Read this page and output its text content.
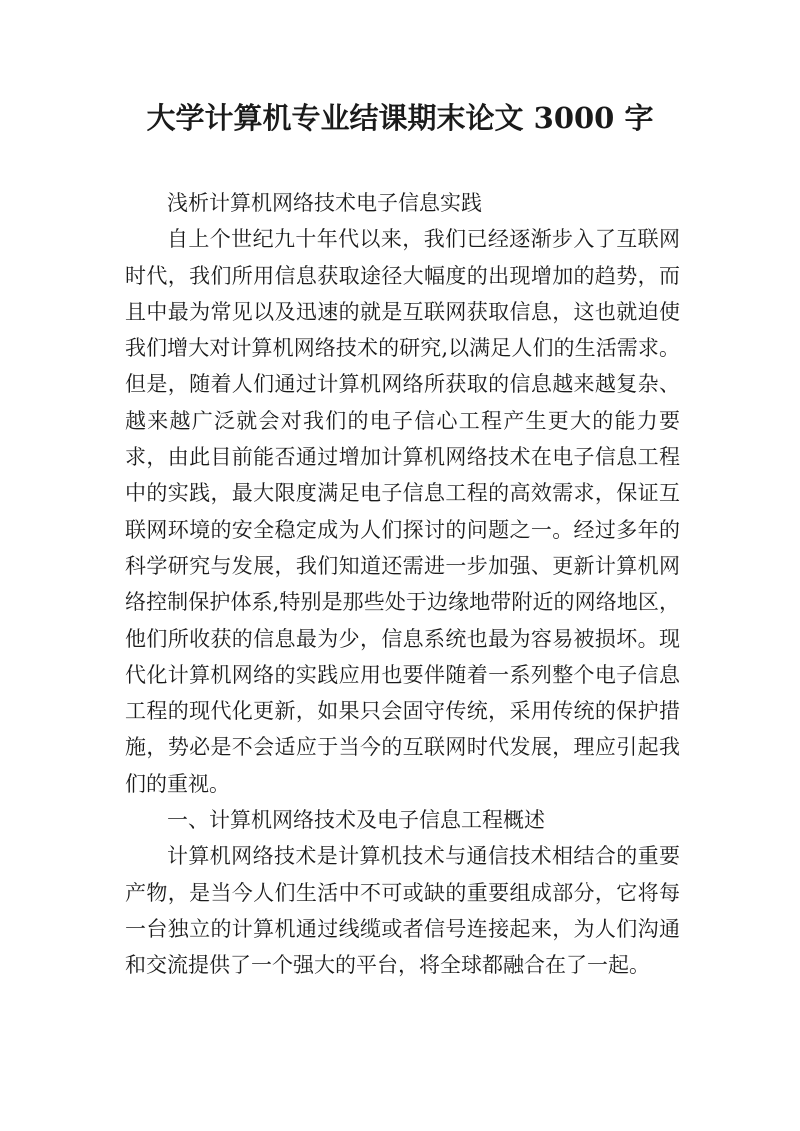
大学计算机专业结课期末论文 3000 字

浅析计算机网络技术电子信息实践

自上个世纪九十年代以来，我们已经逐渐步入了互联网时代，我们所用信息获取途径大幅度的出现增加的趋势，而且中最为常见以及迅速的就是互联网获取信息，这也就迫使我们增大对计算机网络技术的研究,以满足人们的生活需求。但是，随着人们通过计算机网络所获取的信息越来越复杂、越来越广泛就会对我们的电子信心工程产生更大的能力要求，由此目前能否通过增加计算机网络技术在电子信息工程中的实践，最大限度满足电子信息工程的高效需求，保证互联网环境的安全稳定成为人们探讨的问题之一。经过多年的科学研究与发展，我们知道还需进一步加强、更新计算机网络控制保护体系,特别是那些处于边缘地带附近的网络地区，他们所收获的信息最为少，信息系统也最为容易被损坏。现代化计算机网络的实践应用也要伴随着一系列整个电子信息工程的现代化更新，如果只会固守传统，采用传统的保护措施，势必是不会适应于当今的互联网时代发展，理应引起我们的重视。

一、计算机网络技术及电子信息工程概述

计算机网络技术是计算机技术与通信技术相结合的重要产物，是当今人们生活中不可或缺的重要组成部分，它将每一台独立的计算机通过线缆或者信号连接起来，为人们沟通和交流提供了一个强大的平台，将全球都融合在了一起。
